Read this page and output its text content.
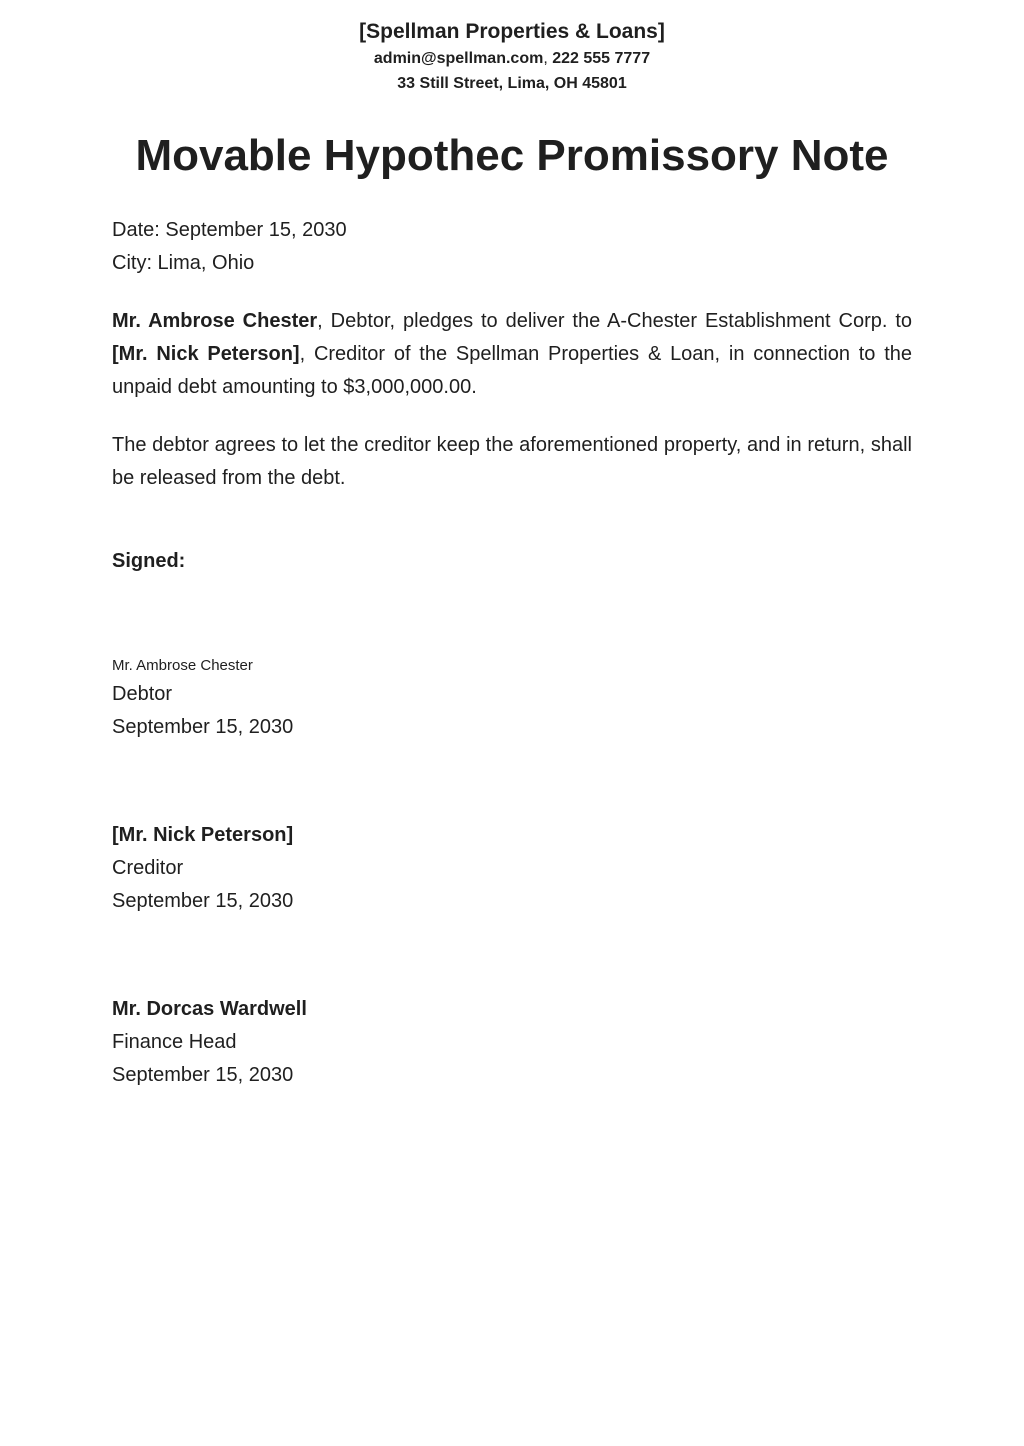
[Spellman Properties & Loans]

admin@spellman.com, 222 555 7777

33 Still Street, Lima, OH 45801

Movable Hypothec Promissory Note

Date: September 15, 2030

City: Lima, Ohio

Mr. Ambrose Chester, Debtor, pledges to deliver the A-Chester Establishment Corp. to [Mr. Nick Peterson], Creditor of the Spellman Properties & Loan, in connection to the unpaid debt amounting to $3,000,000.00.

The debtor agrees to let the creditor keep the aforementioned property, and in return, shall be released from the debt.

Signed:

Mr. Ambrose Chester

Debtor

September 15, 2030

[Mr. Nick Peterson]

Creditor

September 15, 2030

Mr. Dorcas Wardwell

Finance Head

September 15, 2030
